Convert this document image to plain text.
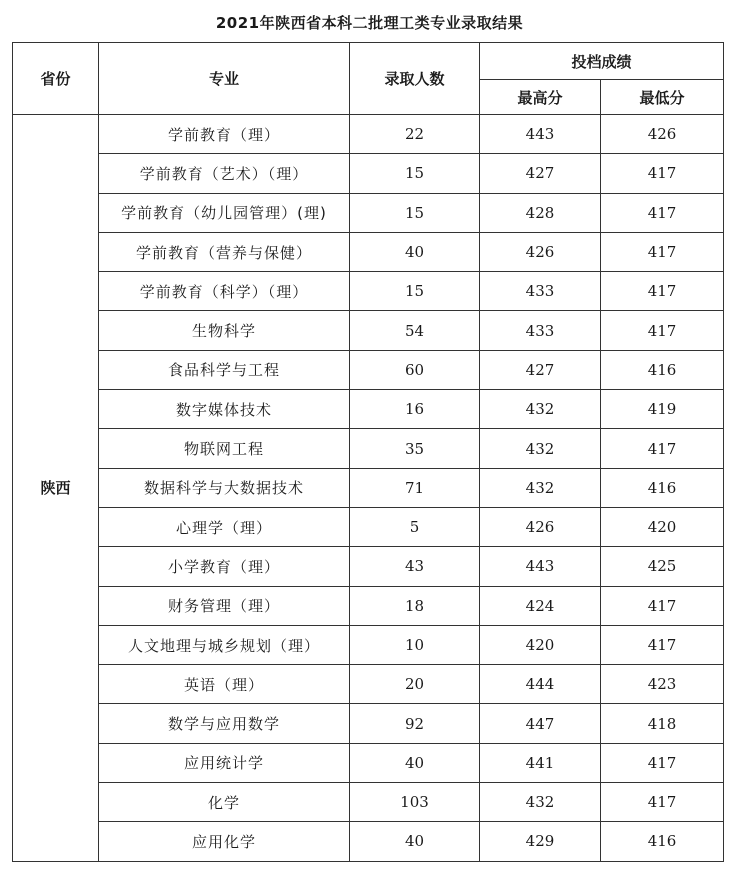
2021年陕西省本科二批理工类专业录取结果
省份	专业	录取人数	投档成绩	
			最高分	最低分
陕西	学前教育（理）	22	443	426
	学前教育（艺术）（理）	15	427	417
	学前教育（幼儿园管理）(理)	15	428	417
	学前教育（营养与保健）	40	426	417
	学前教育（科学）（理）	15	433	417
	生物科学	54	433	417
	食品科学与工程	60	427	416
	数字媒体技术	16	432	419
	物联网工程	35	432	417
	数据科学与大数据技术	71	432	416
	心理学（理）	5	426	420
	小学教育（理）	43	443	425
	财务管理（理）	18	424	417
	人文地理与城乡规划（理）	10	420	417
	英语（理）	20	444	423
	数学与应用数学	92	447	418
	应用统计学	40	441	417
	化学	103	432	417
	应用化学	40	429	416
